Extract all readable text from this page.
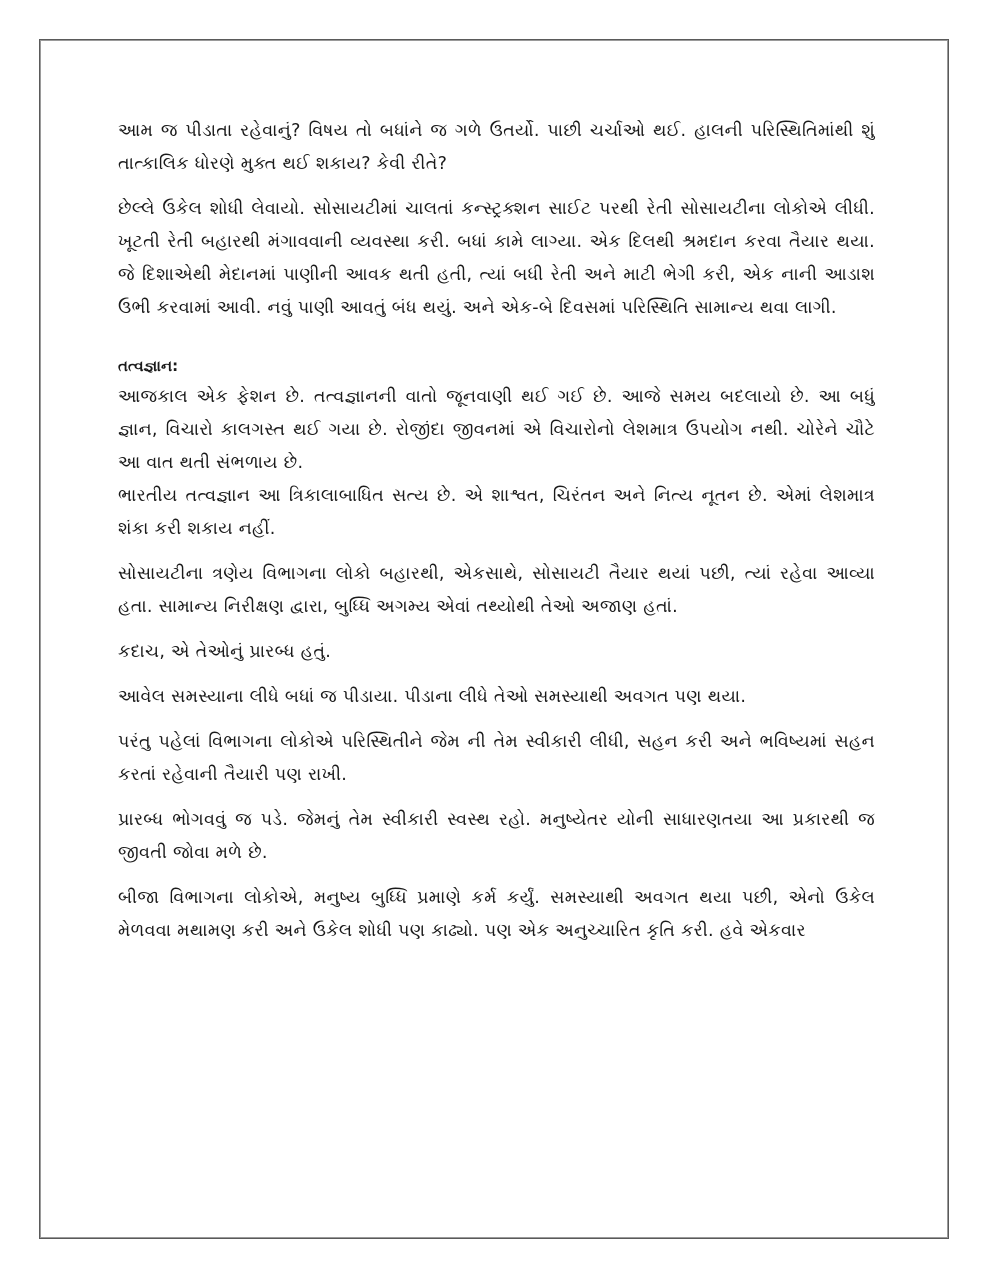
આમ જ પીડાતા રહેવાનું? વિષય તો બધાંને જ ગળે ઉતર્યો. પાછી ચર્ચાઓ થઈ. હાલની પરિસ્થિતિમાંથી શું તાત્કાલિક ધોરણે મુક્ત થઈ શકાય? કેવી રીતે?

છેલ્લે ઉકેલ શોધી લેવાયો. સોસાયટીમાં ચાલતાં કન્સ્ટ્રક્શન સાઈટ પરથી રેતી સોસાયટીના લોકોએ લીધી. ખૂટતી રેતી બહારથી મંગાવવાની વ્યવસ્થા કરી. બધાં કામે લાગ્યા. એક દિલથી શ્રમદાન કરવા તૈયાર થયા. જે દિશાએથી મેદાનમાં પાણીની આવક થતી હતી, ત્યાં બધી રેતી અને માટી ભેગી કરી, એક નાની આડાશ ઉભી કરવામાં આવી. નવું પાણી આવતું બંધ થયું. અને એક-બે દિવસમાં પરિસ્થિતિ સામાન્ય થવા લાગી.

તત્વજ્ઞાન:

આજકાલ એક ફેશન છે. તત્વજ્ઞાનની વાતો જૂનવાણી થઈ ગઈ છે. આજે સમય બદલાયો છે. આ બધું જ્ઞાન, વિચારો કાલગસ્ત થઈ ગયા છે. રોજીંદા જીવનમાં એ વિચારોનો લેશમાત્ર ઉપયોગ નથી. ચોરેને ચૌટે આ વાત થતી સંભળાય છે.

ભારતીય તત્વજ્ઞાન આ ત્રિકાલાબાધિત સત્ય છે. એ શાશ્વત, ચિરંતન અને નિત્ય નૂતન છે. એમાં લેશમાત્ર શંકા કરી શકાય નહીં.

સોસાયટીના ત્રણેય વિભાગના લોકો બહારથી, એકસાથે, સોસાયટી તૈયાર થયાં પછી, ત્યાં રહેવા આવ્યા હતા. સામાન્ય નિરીક્ષણ દ્વારા, બુધ્ધિ અગમ્ય એવાં તથ્યોથી તેઓ અજાણ હતાં.

કદાચ, એ તેઓનું પ્રારબ્ધ હતું.

આવેલ સમસ્યાના લીધે બધાં જ પીડાયા. પીડાના લીધે તેઓ સમસ્યાથી અવગત પણ થયા.

પરંતુ પહેલાં વિભાગના લોકોએ પરિસ્થિતીને જેમ ની તેમ સ્વીકારી લીધી, સહન કરી અને ભવિષ્યમાં સહન કરતાં રહેવાની તૈયારી પણ રાખી.

પ્રારબ્ધ ભોગવવું જ પડે. જેમનું તેમ સ્વીકારી સ્વસ્થ રહો. મનુષ્યેતર યોની સાધારણતયા આ પ્રકારથી જ જીવતી જોવા મળે છે.

બીજા વિભાગના લોકોએ, મનુષ્ય બુધ્ધિ પ્રમાણે કર્મ કર્યું. સમસ્યાથી અવગત થયા પછી, એનો ઉકેલ મેળવવા મથામણ કરી અને ઉકેલ શોધી પણ કાઢ્યો. પણ એક અનુચ્ચારિત કૃતિ કરી. હવે એકવાર
